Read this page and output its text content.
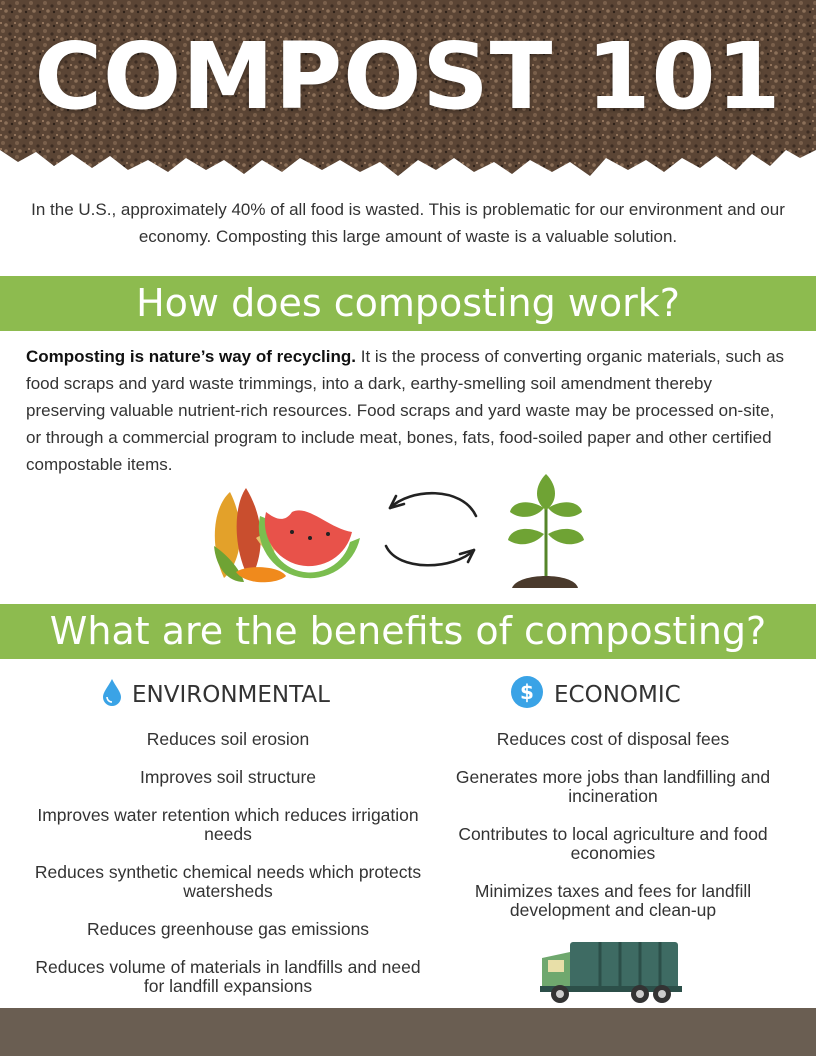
COMPOST 101
In the U.S., approximately 40% of all food is wasted. This is problematic for our environment and our economy. Composting this large amount of waste is a valuable solution.
How does composting work?
Composting is nature’s way of recycling. It is the process of converting organic materials, such as food scraps and yard waste trimmings, into a dark, earthy-smelling soil amendment thereby preserving valuable nutrient-rich resources. Food scraps and yard waste may be processed on-site, or through a commercial program to include meat, bones, fats, food-soiled paper and other certified compostable items.
What are the benefits of composting?
ENVIRONMENTAL
Reduces soil erosion
Improves soil structure
Improves water retention which reduces irrigation needs
Reduces synthetic chemical needs which protects watersheds
Reduces greenhouse gas emissions
Reduces volume of materials in landfills and need for landfill expansions
$ ECONOMIC
Reduces cost of disposal fees
Generates more jobs than landfilling and incineration
Contributes to local agriculture and food economies
Minimizes taxes and fees for landfill development and clean-up
